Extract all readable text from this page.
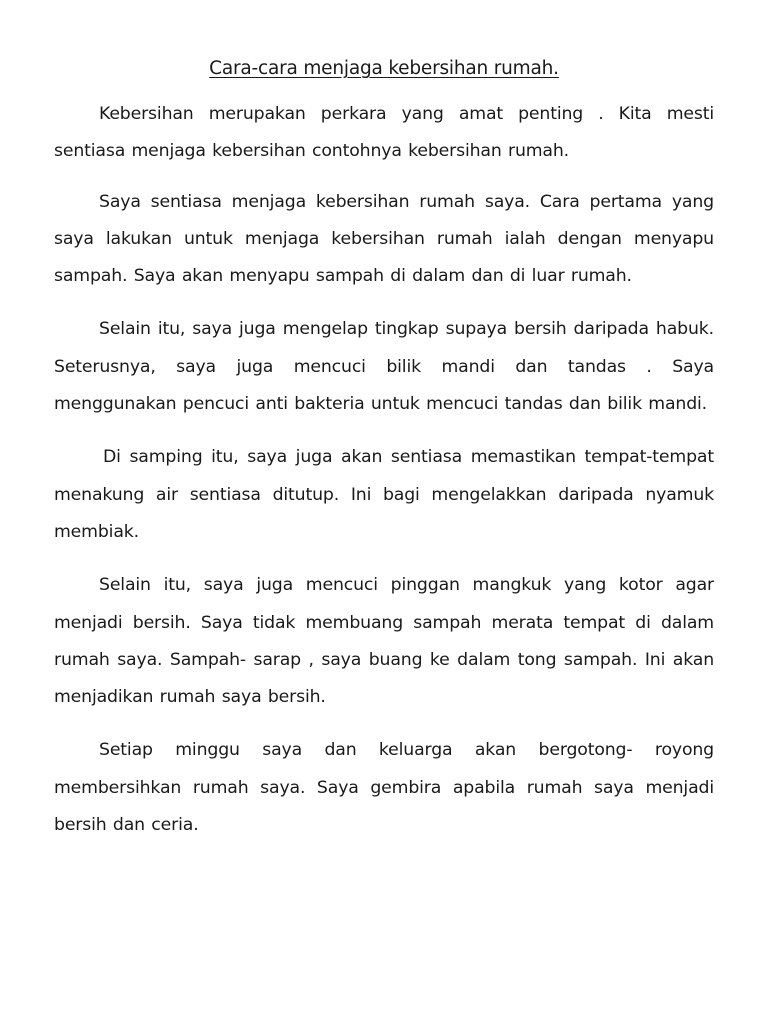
Cara-cara menjaga kebersihan rumah.

Kebersihan merupakan perkara yang amat penting . Kita mesti sentiasa menjaga kebersihan contohnya kebersihan rumah.

Saya sentiasa menjaga kebersihan rumah saya. Cara pertama yang saya lakukan untuk menjaga kebersihan rumah ialah dengan menyapu sampah. Saya akan menyapu sampah di dalam dan di luar rumah.

Selain itu, saya juga mengelap tingkap supaya bersih daripada habuk. Seterusnya, saya juga mencuci bilik mandi dan tandas . Saya menggunakan pencuci anti bakteria untuk mencuci tandas dan bilik mandi.

Di samping itu, saya juga akan sentiasa memastikan tempat-tempat menakung air sentiasa ditutup. Ini bagi mengelakkan daripada nyamuk membiak.

Selain itu, saya juga mencuci pinggan mangkuk yang kotor agar menjadi bersih. Saya tidak membuang sampah merata tempat di dalam rumah saya. Sampah- sarap , saya buang ke dalam tong sampah. Ini akan menjadikan rumah saya bersih.

Setiap minggu saya dan keluarga akan bergotong- royong membersihkan rumah saya. Saya gembira apabila rumah saya menjadi bersih dan ceria.
